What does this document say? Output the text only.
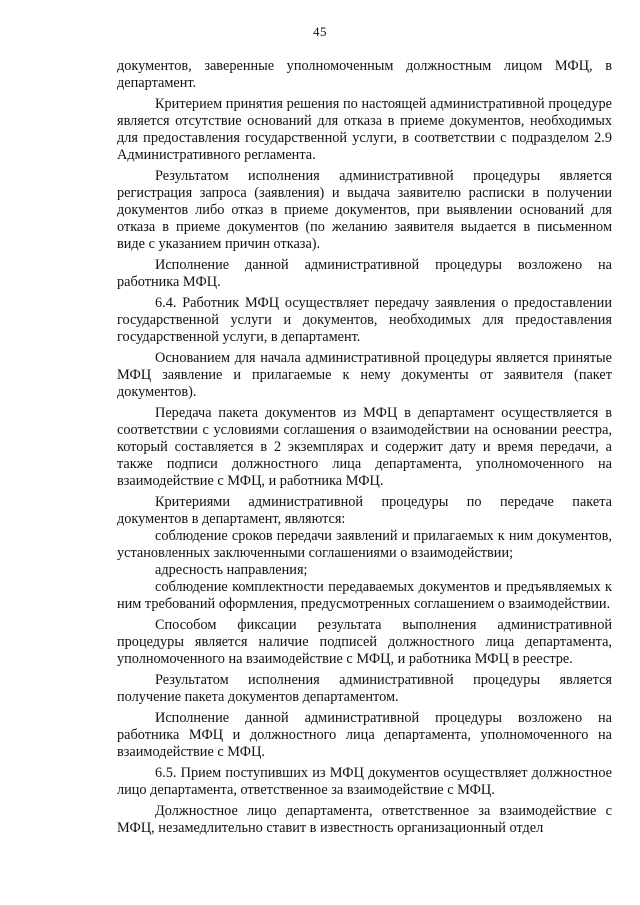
45

документов, заверенные уполномоченным должностным лицом МФЦ, в департамент.

Критерием принятия решения по настоящей административной процедуре является отсутствие оснований для отказа в приеме документов, необходимых для предоставления государственной услуги, в соответствии с подразделом 2.9 Административного регламента.

Результатом исполнения административной процедуры является регистрация запроса (заявления) и выдача заявителю расписки в получении документов либо отказ в приеме документов, при выявлении оснований для отказа в приеме документов (по желанию заявителя выдается в письменном виде с указанием причин отказа).

Исполнение данной административной процедуры возложено на работника МФЦ.

6.4. Работник МФЦ осуществляет передачу заявления о предоставлении государственной услуги и документов, необходимых для предоставления государственной услуги, в департамент.

Основанием для начала административной процедуры является принятые МФЦ заявление и прилагаемые к нему документы от заявителя (пакет документов).

Передача пакета документов из МФЦ в департамент осуществляется в соответствии с условиями соглашения о взаимодействии на основании реестра, который составляется в 2 экземплярах и содержит дату и время передачи, а также подписи должностного лица департамента, уполномоченного на взаимодействие с МФЦ, и работника МФЦ.

Критериями административной процедуры по передаче пакета документов в департамент, являются:

соблюдение сроков передачи заявлений и прилагаемых к ним документов, установленных заключенными соглашениями о взаимодействии;

адресность направления;

соблюдение комплектности передаваемых документов и предъявляемых к ним требований оформления, предусмотренных соглашением о взаимодействии.

Способом фиксации результата выполнения административной процедуры является наличие подписей должностного лица департамента, уполномоченного на взаимодействие с МФЦ, и работника МФЦ в реестре.

Результатом исполнения административной процедуры является получение пакета документов департаментом.

Исполнение данной административной процедуры возложено на работника МФЦ и должностного лица департамента, уполномоченного на взаимодействие с МФЦ.

6.5. Прием поступивших из МФЦ документов осуществляет должностное лицо департамента, ответственное за взаимодействие с МФЦ.

Должностное лицо департамента, ответственное за взаимодействие с МФЦ, незамедлительно ставит в известность организационный отдел
